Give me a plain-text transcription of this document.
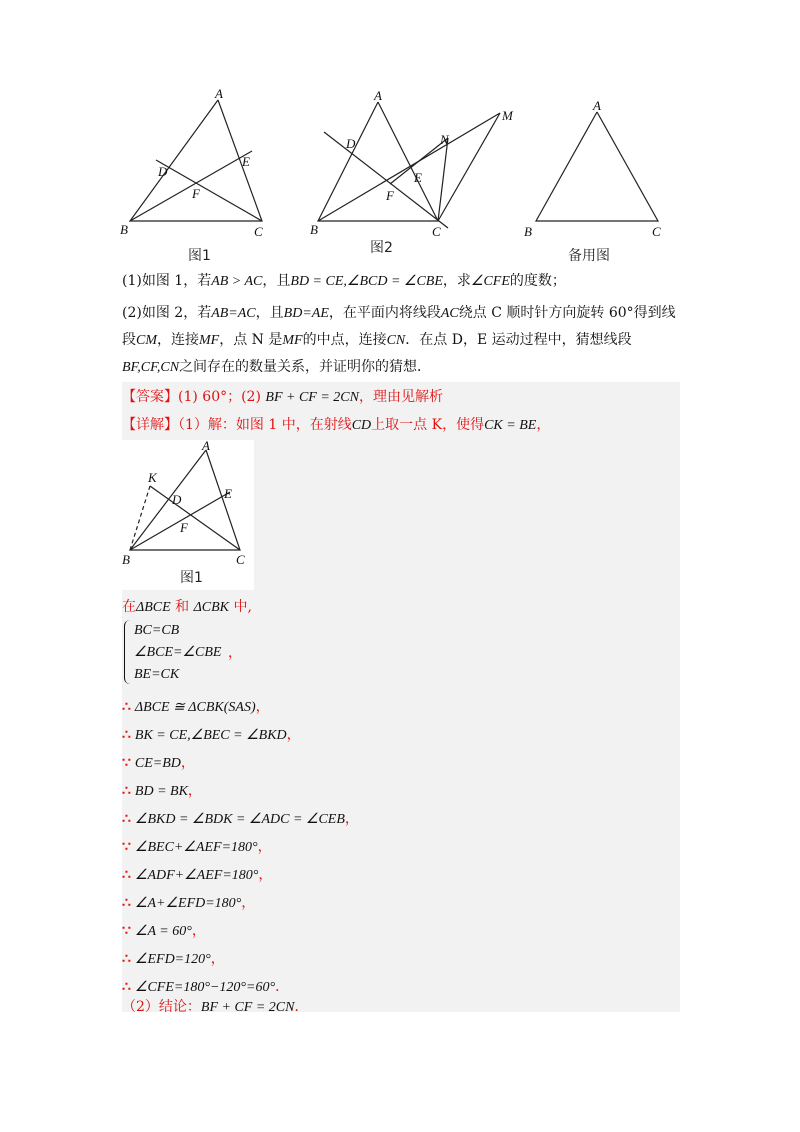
A
B	C
D
E
F
图1
A
B	C
D
E
F
M
N
图2
A
B	C
备用图
(1)如图 1，若AB > AC，且BD = CE,∠BCD = ∠CBE，求∠CFE的度数；
(2)如图 2，若AB=AC，且BD=AE，在平面内将线段AC绕点 C 顺时针方向旋转 60°得到线
段CM，连接MF，点 N 是MF的中点，连接CN．在点 D，E 运动过程中，猜想线段
BF,CF,CN之间存在的数量关系，并证明你的猜想．
【答案】(1) 60°；(2) BF + CF = 2CN，理由见解析
【详解】（1）解：如图 1 中，在射线CD上取一点 K，使得CK = BE，
A
B	C
D	E
F
K
图1
在ΔBCE 和 ΔCBK 中,
BC=CB
∠BCE=∠CBE
BE=CK
，
∴ ΔBCE ≅ ΔCBK(SAS)，
∴ BK = CE,∠BEC = ∠BKD，
∵ CE=BD，
∴ BD = BK，
∴ ∠BKD = ∠BDK = ∠ADC = ∠CEB，
∵ ∠BEC+∠AEF=180°，
∴ ∠ADF+∠AEF=180°，
∴ ∠A+∠EFD=180°，
∵ ∠A = 60°，
∴ ∠EFD=120°，
∴ ∠CFE=180°−120°=60°．
（2）结论：BF + CF = 2CN．
